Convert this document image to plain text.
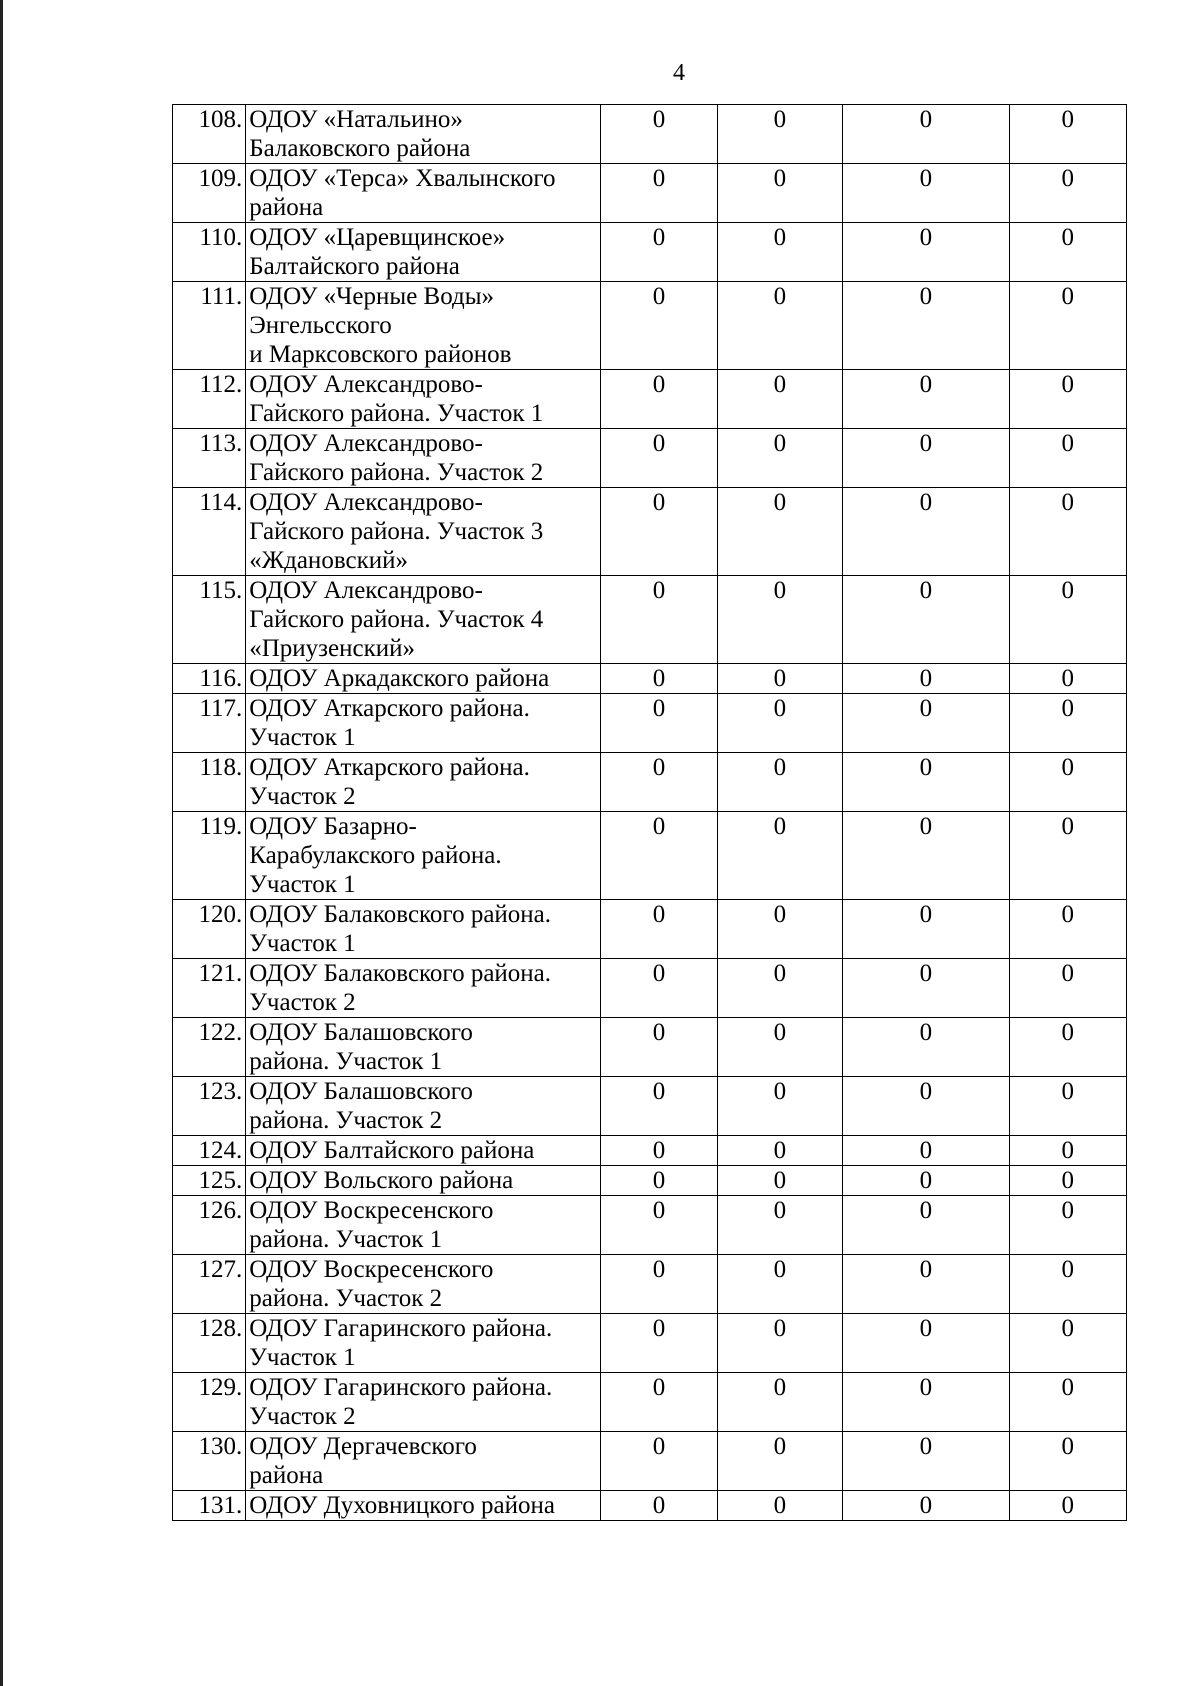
4
108.	ОДОУ «Натальино»
Балаковского района	0	0	0	0
109.	ОДОУ «Терса» Хвалынского
района	0	0	0	0
110.	ОДОУ «Царевщинское»
Балтайского района	0	0	0	0
111.	ОДОУ «Черные Воды»
Энгельсского
и Марксовского районов	0	0	0	0
112.	ОДОУ Александрово-
Гайского района. Участок 1	0	0	0	0
113.	ОДОУ Александрово-
Гайского района. Участок 2	0	0	0	0
114.	ОДОУ Александрово-
Гайского района. Участок 3
«Ждановский»	0	0	0	0
115.	ОДОУ Александрово-
Гайского района. Участок 4
«Приузенский»	0	0	0	0
116.	ОДОУ Аркадакского района	0	0	0	0
117.	ОДОУ Аткарского района.
Участок 1	0	0	0	0
118.	ОДОУ Аткарского района.
Участок 2	0	0	0	0
119.	ОДОУ Базарно-
Карабулакского района.
Участок 1	0	0	0	0
120.	ОДОУ Балаковского района.
Участок 1	0	0	0	0
121.	ОДОУ Балаковского района.
Участок 2	0	0	0	0
122.	ОДОУ Балашовского
района. Участок 1	0	0	0	0
123.	ОДОУ Балашовского
района. Участок 2	0	0	0	0
124.	ОДОУ Балтайского района	0	0	0	0
125.	ОДОУ Вольского района	0	0	0	0
126.	ОДОУ Воскресенского
района. Участок 1	0	0	0	0
127.	ОДОУ Воскресенского
района. Участок 2	0	0	0	0
128.	ОДОУ Гагаринского района.
Участок 1	0	0	0	0
129.	ОДОУ Гагаринского района.
Участок 2	0	0	0	0
130.	ОДОУ Дергачевского
района	0	0	0	0
131.	ОДОУ Духовницкого района	0	0	0	0
